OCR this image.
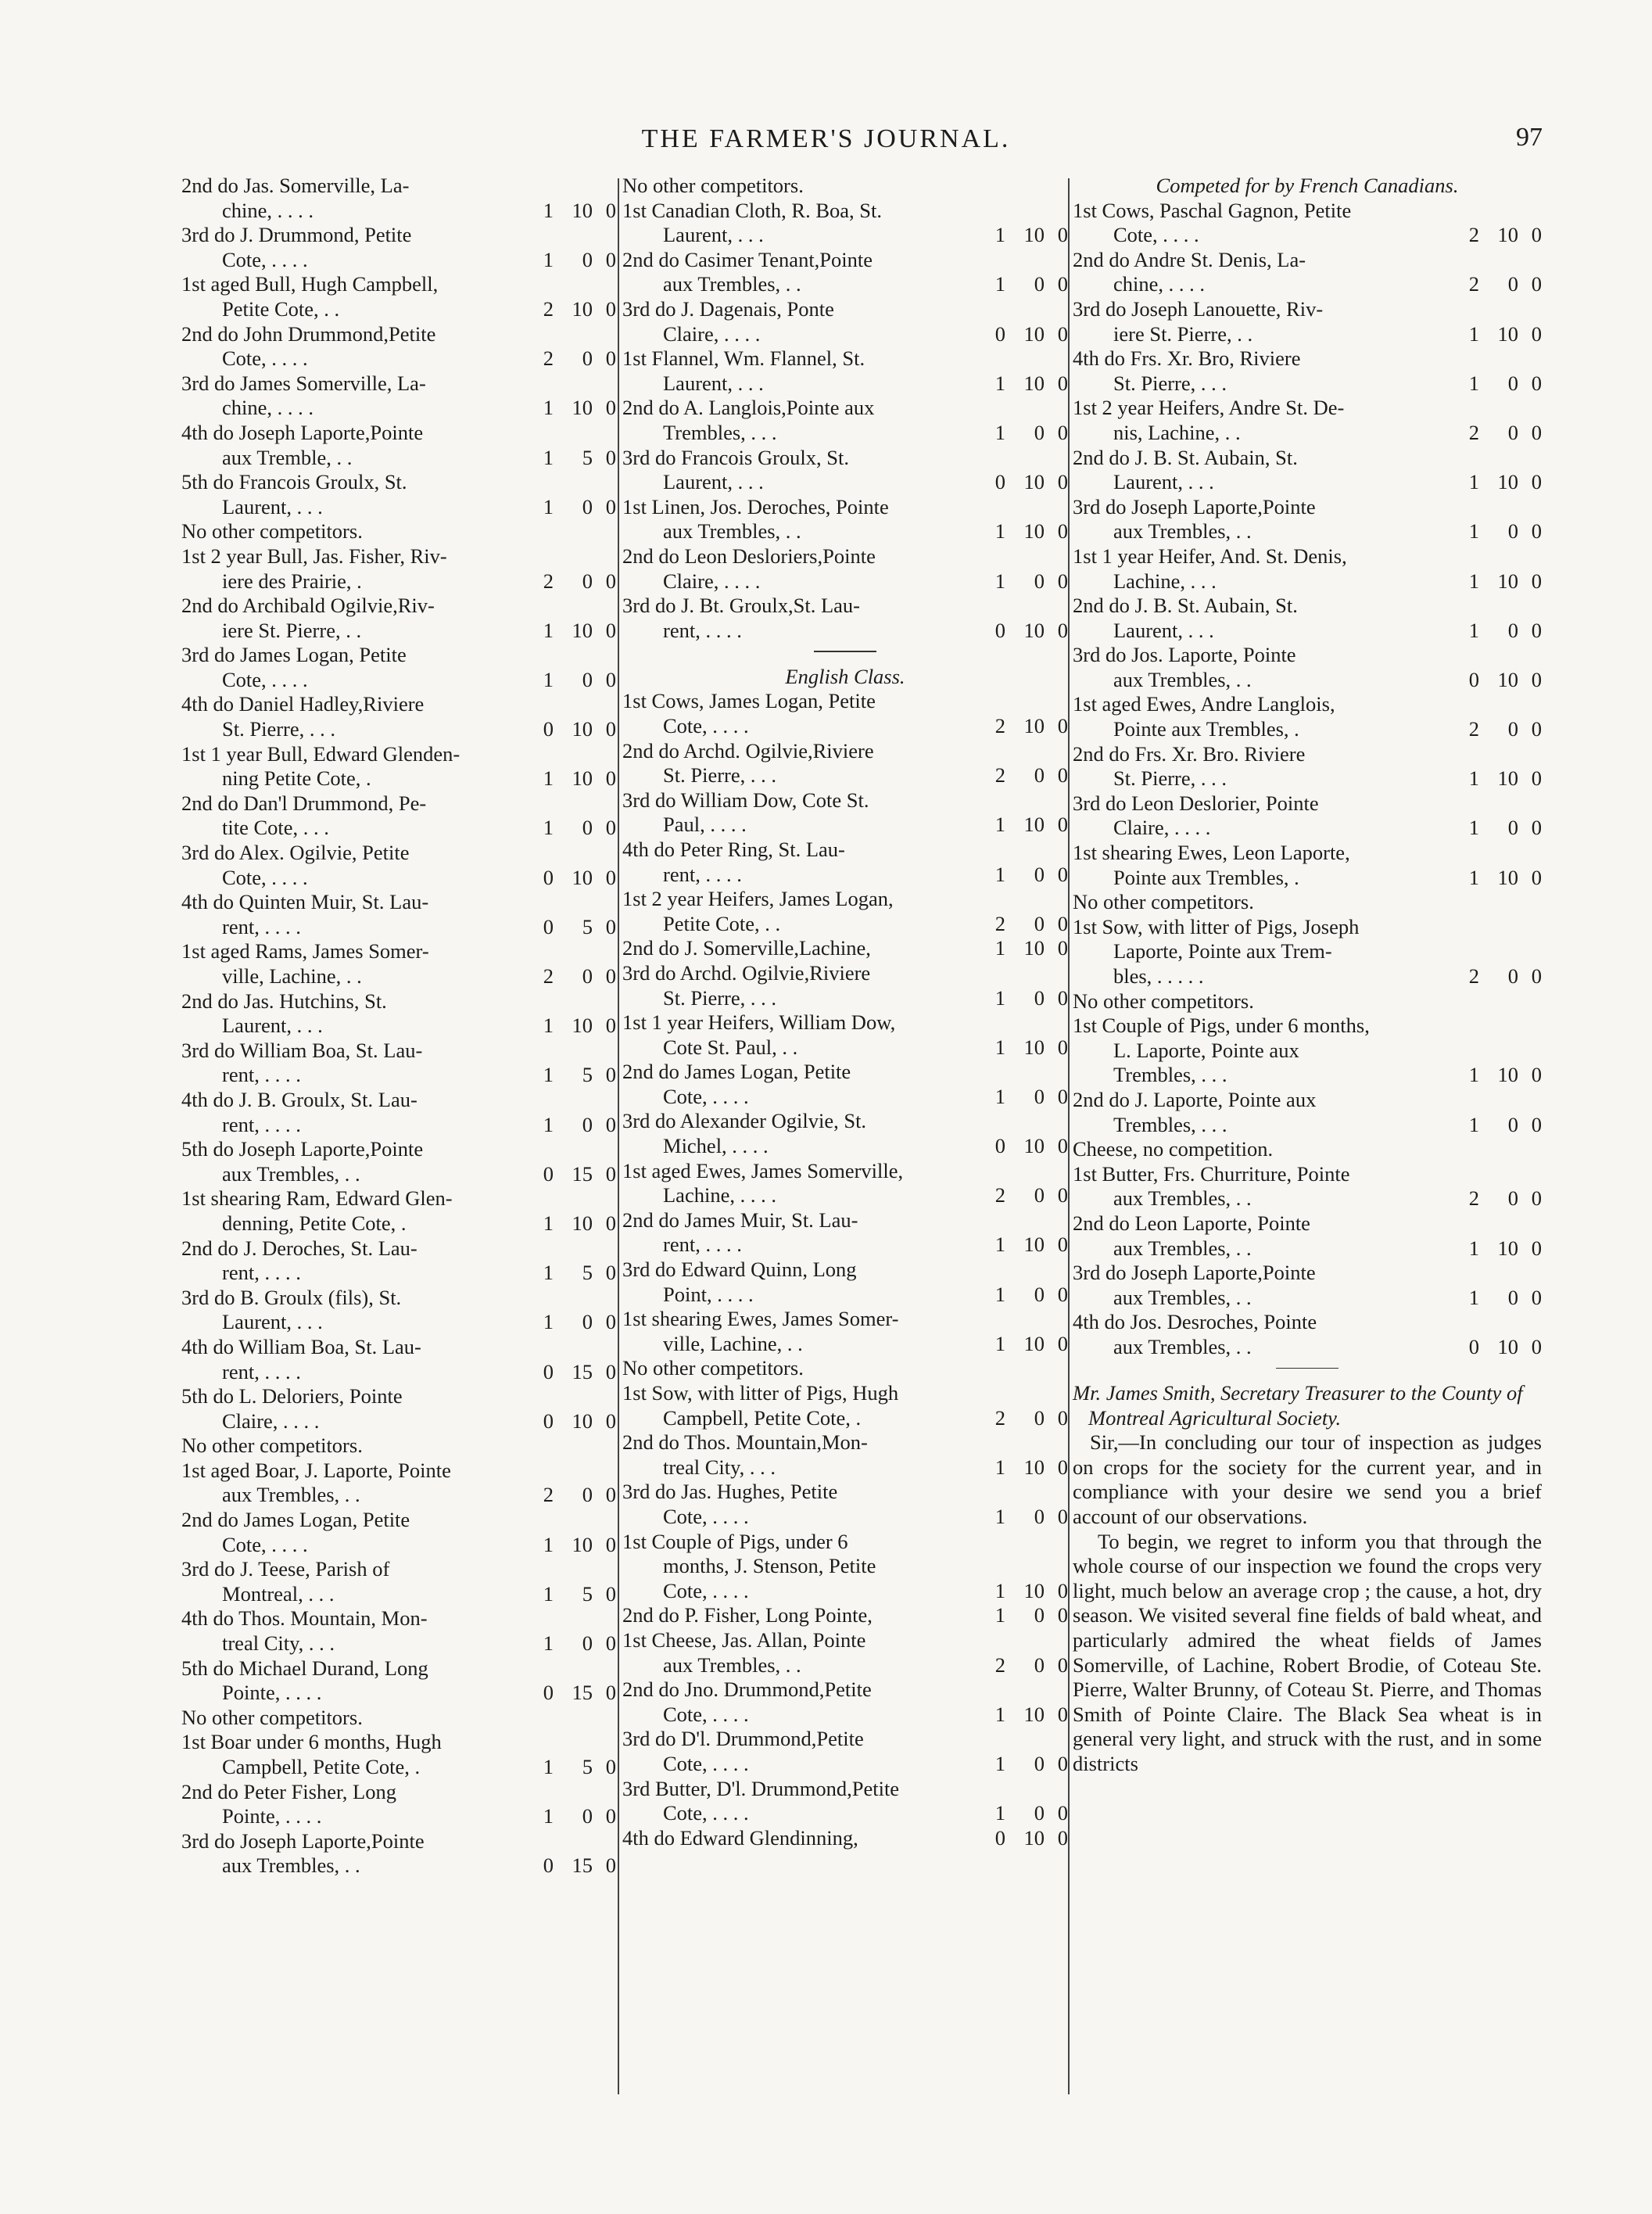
THE FARMER'S JOURNAL.	97
2nd do Jas. Somerville, La-
chine, . . . .	1 10 0
3rd do J. Drummond, Petite
Cote, . . . .	1	0 0
1st aged Bull, Hugh Campbell,
Petite Cote, . .	2 10 0
2nd do John Drummond,Petite
Cote, . . . .	2	0 0
3rd do James Somerville, La-
chine, . . . .	1 10 0
4th do Joseph Laporte,Pointe
aux Tremble, . .	1	5 0
5th do Francois Groulx, St.
Laurent, . . .	1	0 0
No other competitors.
1st 2 year Bull, Jas. Fisher, Riv-
iere des Prairie, .	2	0 0
2nd do Archibald Ogilvie,Riv-
iere St. Pierre, . .	1 10 0
3rd do James Logan, Petite
Cote, . . . .	1	0 0
4th do Daniel Hadley,Riviere
St. Pierre, . . .	0 10 0
1st 1 year Bull, Edward Glenden-
ning Petite Cote, .	1 10 0
2nd do Dan'l Drummond, Pe-
tite Cote, . . .	1	0 0
3rd do Alex. Ogilvie, Petite
Cote, . . . .	0 10 0
4th do Quinten Muir, St. Lau-
rent, . . . .	0	5 0
1st aged Rams, James Somer-
ville, Lachine, . .	2	0 0
2nd do Jas. Hutchins, St.
Laurent, . . .	1 10 0
3rd do William Boa, St. Lau-
rent, . . . .	1	5 0
4th do J. B. Groulx, St. Lau-
rent, . . . .	1	0 0
5th do Joseph Laporte,Pointe
aux Trembles, . .	0 15 0
1st shearing Ram, Edward Glen-
denning, Petite Cote, .	1 10 0
2nd do J. Deroches, St. Lau-
rent, . . . .	1	5 0
3rd do B. Groulx (fils), St.
Laurent, . . .	1	0 0
4th do William Boa, St. Lau-
rent, . . . .	0 15 0
5th do L. Deloriers, Pointe
Claire, . . . .	0 10 0
No other competitors.
1st aged Boar, J. Laporte, Pointe
aux Trembles, . .	2	0 0
2nd do James Logan, Petite
Cote, . . . .	1 10 0
3rd do J. Teese, Parish of
Montreal, . . .	1	5 0
4th do Thos. Mountain, Mon-
treal City, . . .	1	0 0
5th do Michael Durand, Long
Pointe, . . . .	0 15 0
No other competitors.
1st Boar under 6 months, Hugh
Campbell, Petite Cote, .	1	5 0
2nd do Peter Fisher, Long
Pointe, . . . .	1	0 0
3rd do Joseph Laporte,Pointe
aux Trembles, . .	0 15 0
No other competitors.
1st Canadian Cloth, R. Boa, St.
Laurent, . . .	1 10 0
2nd do Casimer Tenant,Pointe
aux Trembles, . .	1	0 0
3rd do J. Dagenais, Ponte
Claire, . . . .	0 10 0
1st Flannel, Wm. Flannel, St.
Laurent, . . .	1 10 0
2nd do A. Langlois,Pointe aux
Trembles, . . .	1	0 0
3rd do Francois Groulx, St.
Laurent, . . .	0 10 0
1st Linen, Jos. Deroches, Pointe
aux Trembles, . .	1 10 0
2nd do Leon Desloriers,Pointe
Claire, . . . .	1	0 0
3rd do J. Bt. Groulx,St. Lau-
rent, . . . .	0 10 0
English Class.
1st Cows, James Logan, Petite
Cote, . . . .	2 10 0
2nd do Archd. Ogilvie,Riviere
St. Pierre, . . .	2	0 0
3rd do William Dow, Cote St.
Paul, . . . .	1 10 0
4th do Peter Ring, St. Lau-
rent, . . . .	1	0 0
1st 2 year Heifers, James Logan,
Petite Cote, . .	2	0 0
2nd do J. Somerville,Lachine,	1 10 0
3rd do Archd. Ogilvie,Riviere
St. Pierre, . . .	1	0 0
1st 1 year Heifers, William Dow,
Cote St. Paul, . .	1 10 0
2nd do James Logan, Petite
Cote, . . . .	1	0 0
3rd do Alexander Ogilvie, St.
Michel, . . . .	0 10 0
1st aged Ewes, James Somerville,
Lachine, . . . .	2	0 0
2nd do James Muir, St. Lau-
rent, . . . .	1 10 0
3rd do Edward Quinn, Long
Point, . . . .	1	0 0
1st shearing Ewes, James Somer-
ville, Lachine, . .	1 10 0
No other competitors.
1st Sow, with litter of Pigs, Hugh
Campbell, Petite Cote, .	2	0 0
2nd do Thos. Mountain,Mon-
treal City, . . .	1 10 0
3rd do Jas. Hughes, Petite
Cote, . . . .	1	0 0
1st Couple of Pigs, under 6
months, J. Stenson, Petite
Cote, . . . .	1 10 0
2nd do P. Fisher, Long Pointe,	1	0 0
1st Cheese, Jas. Allan, Pointe
aux Trembles, . .	2	0 0
2nd do Jno. Drummond,Petite
Cote, . . . .	1 10 0
3rd do D'l. Drummond,Petite
Cote, . . . .	1	0 0
3rd Butter, D'l. Drummond,Petite
Cote, . . . .	1	0 0
4th do Edward Glendinning,	0 10 0
Competed for by French Canadians.
1st Cows, Paschal Gagnon, Petite
Cote, . . . .	2 10 0
2nd do Andre St. Denis, La-
chine, . . . .	2	0 0
3rd do Joseph Lanouette, Riv-
iere St. Pierre, . .	1 10 0
4th do Frs. Xr. Bro, Riviere
St. Pierre, . . .	1	0 0
1st 2 year Heifers, Andre St. De-
nis, Lachine, . .	2	0 0
2nd do J. B. St. Aubain, St.
Laurent, . . .	1 10 0
3rd do Joseph Laporte,Pointe
aux Trembles, . .	1	0 0
1st 1 year Heifer, And. St. Denis,
Lachine, . . .	1 10 0
2nd do J. B. St. Aubain, St.
Laurent, . . .	1	0 0
3rd do Jos. Laporte, Pointe
aux Trembles, . .	0 10 0
1st aged Ewes, Andre Langlois,
Pointe aux Trembles, .	2	0 0
2nd do Frs. Xr. Bro. Riviere
St. Pierre, . . .	1 10 0
3rd do Leon Deslorier, Pointe
Claire, . . . .	1	0 0
1st shearing Ewes, Leon Laporte,
Pointe aux Trembles, .	1 10 0
No other competitors.
1st Sow, with litter of Pigs, Joseph
Laporte, Pointe aux Trem-
bles, . . . . .	2	0 0
No other competitors.
1st Couple of Pigs, under 6 months,
L. Laporte, Pointe aux
Trembles, . . .	1 10 0
2nd do J. Laporte, Pointe aux
Trembles, . . .	1	0 0
Cheese, no competition.
1st Butter, Frs. Churriture, Pointe
aux Trembles, . .	2	0 0
2nd do Leon Laporte, Pointe
aux Trembles, . .	1 10 0
3rd do Joseph Laporte,Pointe
aux Trembles, . .	1	0 0
4th do Jos. Desroches, Pointe
aux Trembles, . .	0 10 0
Mr. James Smith, Secretary Treasurer to the County of Montreal Agricultural Society.
Sir,—In concluding our tour of inspection as judges on crops for the society for the current year, and in compliance with your desire we send you a brief account of our observations.
To begin, we regret to inform you that through the whole course of our inspection we found the crops very light, much below an average crop ; the cause, a hot, dry season. We visited several fine fields of bald wheat, and particularly admired the wheat fields of James Somerville, of Lachine, Robert Brodie, of Coteau Ste. Pierre, Walter Brunny, of Coteau St. Pierre, and Thomas Smith of Pointe Claire. The Black Sea wheat is in general very light, and struck with the rust, and in some districts
